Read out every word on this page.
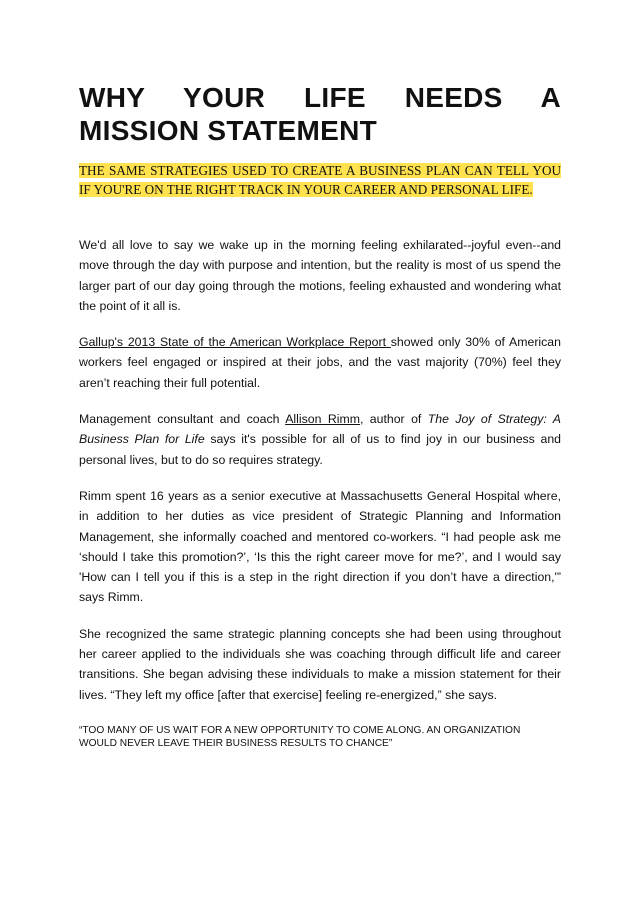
WHY YOUR LIFE NEEDS A MISSION STATEMENT

THE SAME STRATEGIES USED TO CREATE A BUSINESS PLAN CAN TELL YOU IF YOU'RE ON THE RIGHT TRACK IN YOUR CAREER AND PERSONAL LIFE.

We'd all love to say we wake up in the morning feeling exhilarated--joyful even--and move through the day with purpose and intention, but the reality is most of us spend the larger part of our day going through the motions, feeling exhausted and wondering what the point of it all is.

Gallup's 2013 State of the American Workplace Report showed only 30% of American workers feel engaged or inspired at their jobs, and the vast majority (70%) feel they aren’t reaching their full potential.

Management consultant and coach Allison Rimm, author of The Joy of Strategy: A Business Plan for Life says it's possible for all of us to find joy in our business and personal lives, but to do so requires strategy.

Rimm spent 16 years as a senior executive at Massachusetts General Hospital where, in addition to her duties as vice president of Strategic Planning and Information Management, she informally coached and mentored co-workers. “I had people ask me ‘should I take this promotion?’, ‘Is this the right career move for me?’, and I would say 'How can I tell you if this is a step in the right direction if you don’t have a direction,'” says Rimm.

She recognized the same strategic planning concepts she had been using throughout her career applied to the individuals she was coaching through difficult life and career transitions. She began advising these individuals to make a mission statement for their lives. “They left my office [after that exercise] feeling re-energized,” she says.

“TOO MANY OF US WAIT FOR A NEW OPPORTUNITY TO COME ALONG. AN ORGANIZATION WOULD NEVER LEAVE THEIR BUSINESS RESULTS TO CHANCE”
